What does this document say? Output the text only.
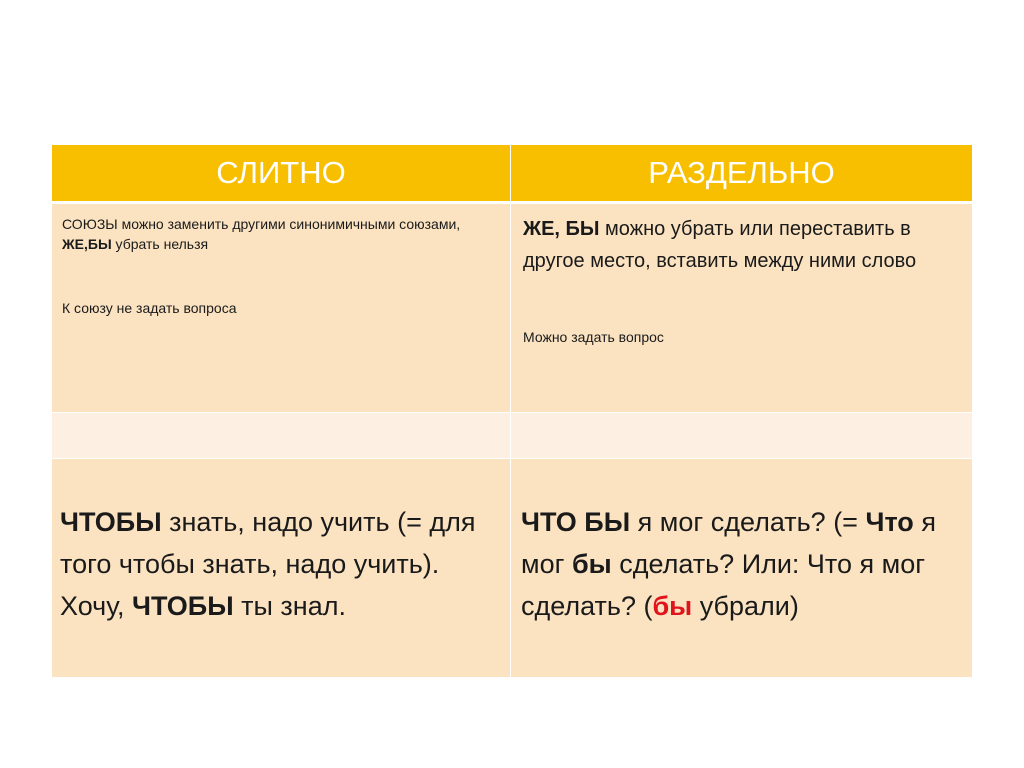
СЛИТНО	РАЗДЕЛЬНО

СОЮЗЫ можно заменить другими синонимичными союзами,

ЖЕ,БЫ убрать нельзя

К союзу не задать вопроса

ЖЕ, БЫ можно убрать или переставить в другое место, вставить между ними слово

Можно задать вопрос

ЧТОБЫ знать, надо учить (= для того чтобы знать, надо учить).

Хочу, ЧТОБЫ ты знал.

ЧТО БЫ я мог сделать? (= Что я мог бы сделать? Или: Что я мог сделать? (бы убрали)
